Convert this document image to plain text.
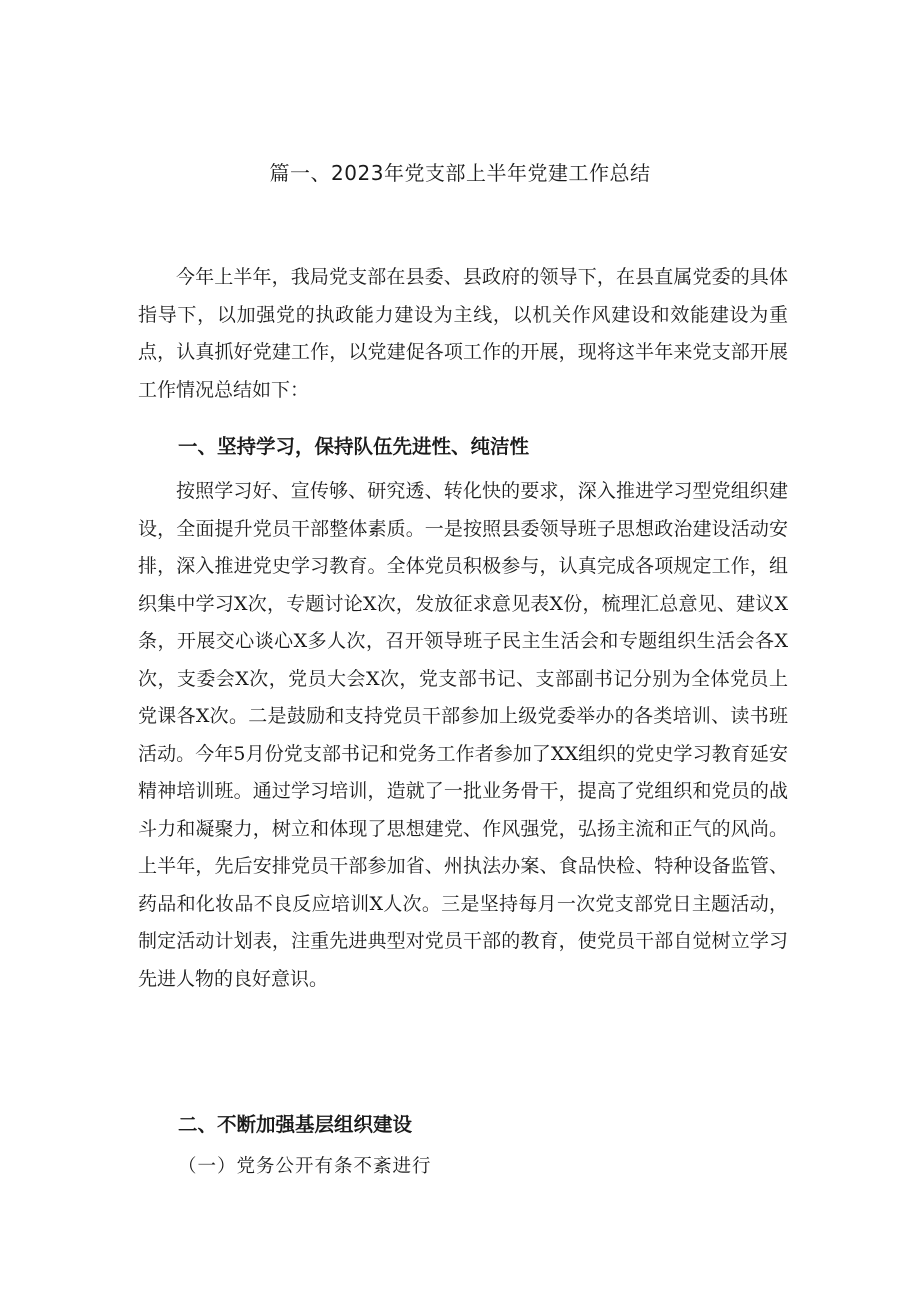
篇一、2023年党支部上半年党建工作总结

今年上半年，我局党支部在县委、县政府的领导下，在县直属党委的具体指导下，以加强党的执政能力建设为主线，以机关作风建设和效能建设为重点，认真抓好党建工作，以党建促各项工作的开展，现将这半年来党支部开展工作情况总结如下：

一、坚持学习，保持队伍先进性、纯洁性

按照学习好、宣传够、研究透、转化快的要求，深入推进学习型党组织建设，全面提升党员干部整体素质。一是按照县委领导班子思想政治建设活动安排，深入推进党史学习教育。全体党员积极参与，认真完成各项规定工作，组织集中学习X次，专题讨论X次，发放征求意见表X份，梳理汇总意见、建议X条，开展交心谈心X多人次，召开领导班子民主生活会和专题组织生活会各X次，支委会X次，党员大会X次，党支部书记、支部副书记分别为全体党员上党课各X次。二是鼓励和支持党员干部参加上级党委举办的各类培训、读书班活动。今年5月份党支部书记和党务工作者参加了XX组织的党史学习教育延安精神培训班。通过学习培训，造就了一批业务骨干，提高了党组织和党员的战斗力和凝聚力，树立和体现了思想建党、作风强党，弘扬主流和正气的风尚。上半年，先后安排党员干部参加省、州执法办案、食品快检、特种设备监管、药品和化妆品不良反应培训X人次。三是坚持每月一次党支部党日主题活动，制定活动计划表，注重先进典型对党员干部的教育，使党员干部自觉树立学习先进人物的良好意识。

二、不断加强基层组织建设

（一）党务公开有条不紊进行
